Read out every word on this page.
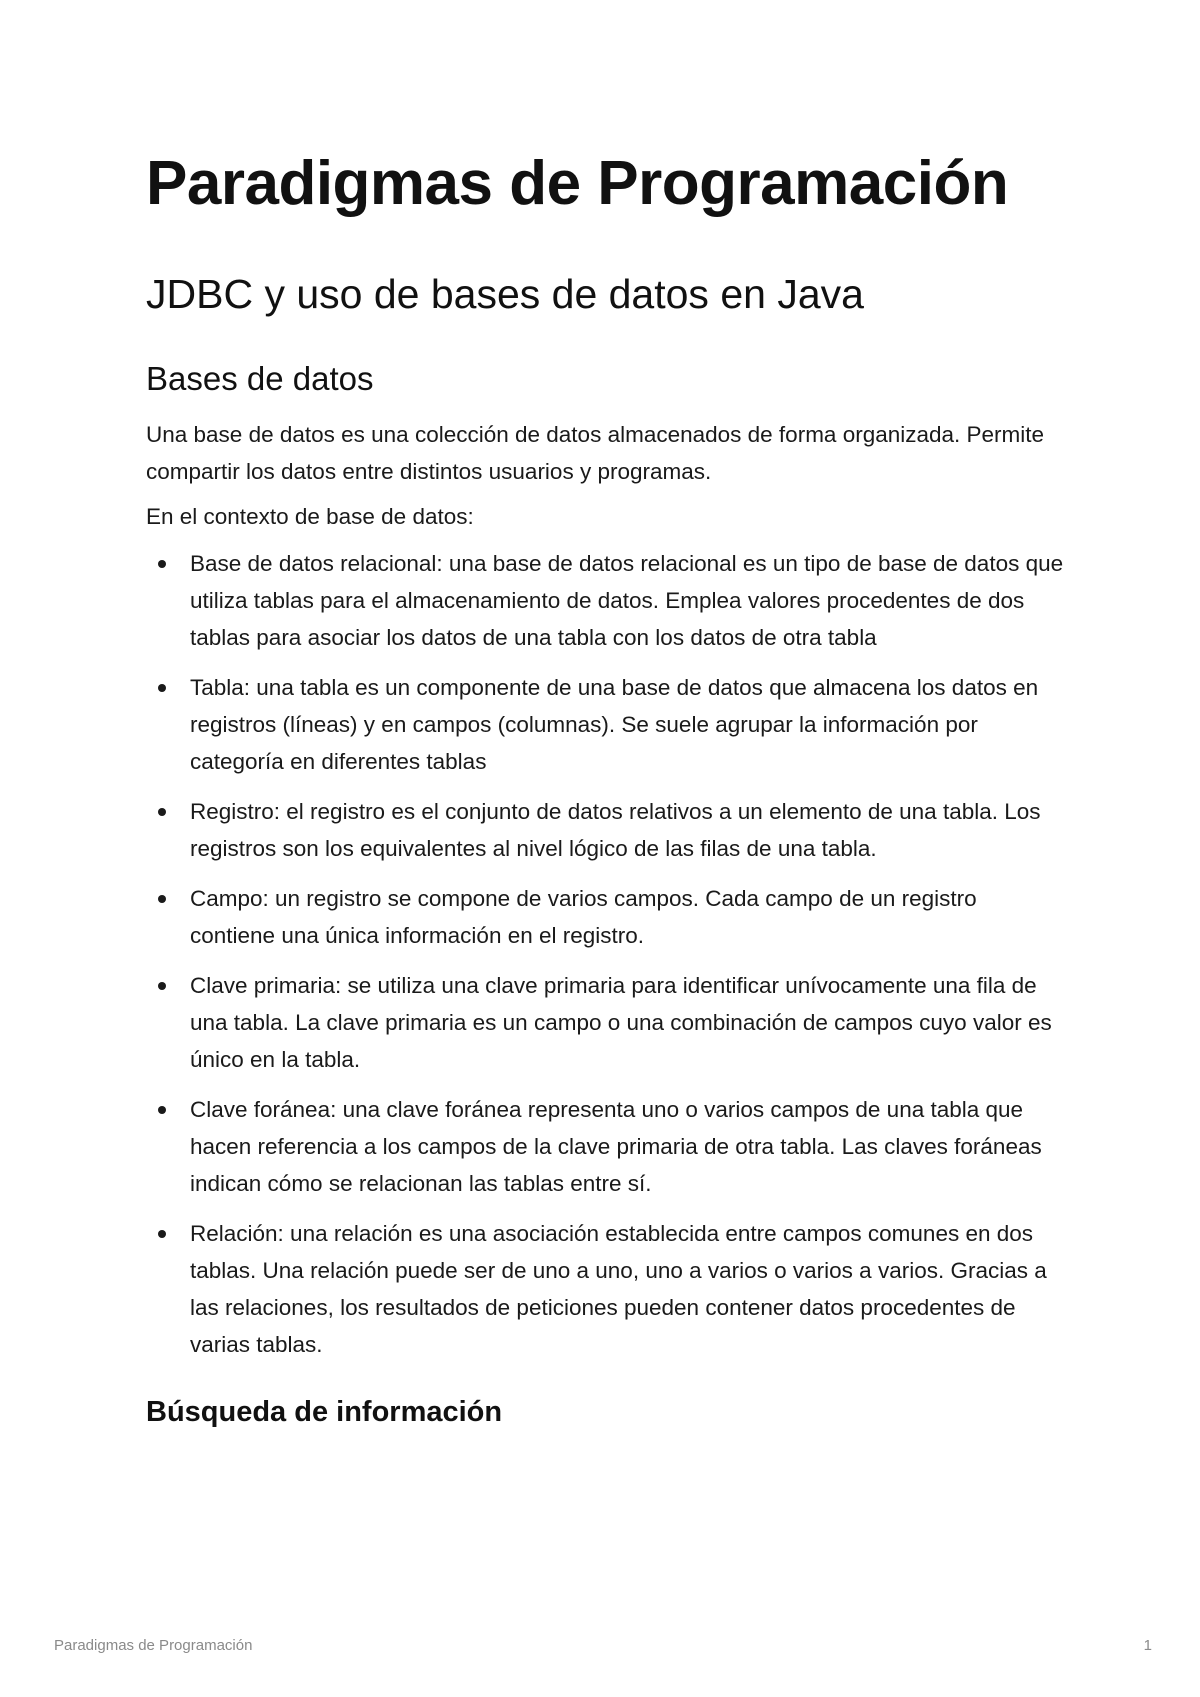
Paradigmas de Programación
JDBC y uso de bases de datos en Java
Bases de datos

Una base de datos es una colección de datos almacenados de forma organizada. Permite compartir los datos entre distintos usuarios y programas.

En el contexto de base de datos:

Base de datos relacional: una base de datos relacional es un tipo de base de datos que utiliza tablas para el almacenamiento de datos. Emplea valores procedentes de dos tablas para asociar los datos de una tabla con los datos de otra tabla
Tabla: una tabla es un componente de una base de datos que almacena los datos en registros (líneas) y en campos (columnas). Se suele agrupar la información por categoría en diferentes tablas
Registro: el registro es el conjunto de datos relativos a un elemento de una tabla. Los registros son los equivalentes al nivel lógico de las filas de una tabla.
Campo: un registro se compone de varios campos. Cada campo de un registro contiene una única información en el registro.
Clave primaria: se utiliza una clave primaria para identificar unívocamente una fila de una tabla. La clave primaria es un campo o una combinación de campos cuyo valor es único en la tabla.
Clave foránea: una clave foránea representa uno o varios campos de una tabla que hacen referencia a los campos de la clave primaria de otra tabla. Las claves foráneas indican cómo se relacionan las tablas entre sí.
Relación: una relación es una asociación establecida entre campos comunes en dos tablas. Una relación puede ser de uno a uno, uno a varios o varios a varios. Gracias a las relaciones, los resultados de peticiones pueden contener datos procedentes de varias tablas.
Búsqueda de información
Paradigmas de Programación	1
